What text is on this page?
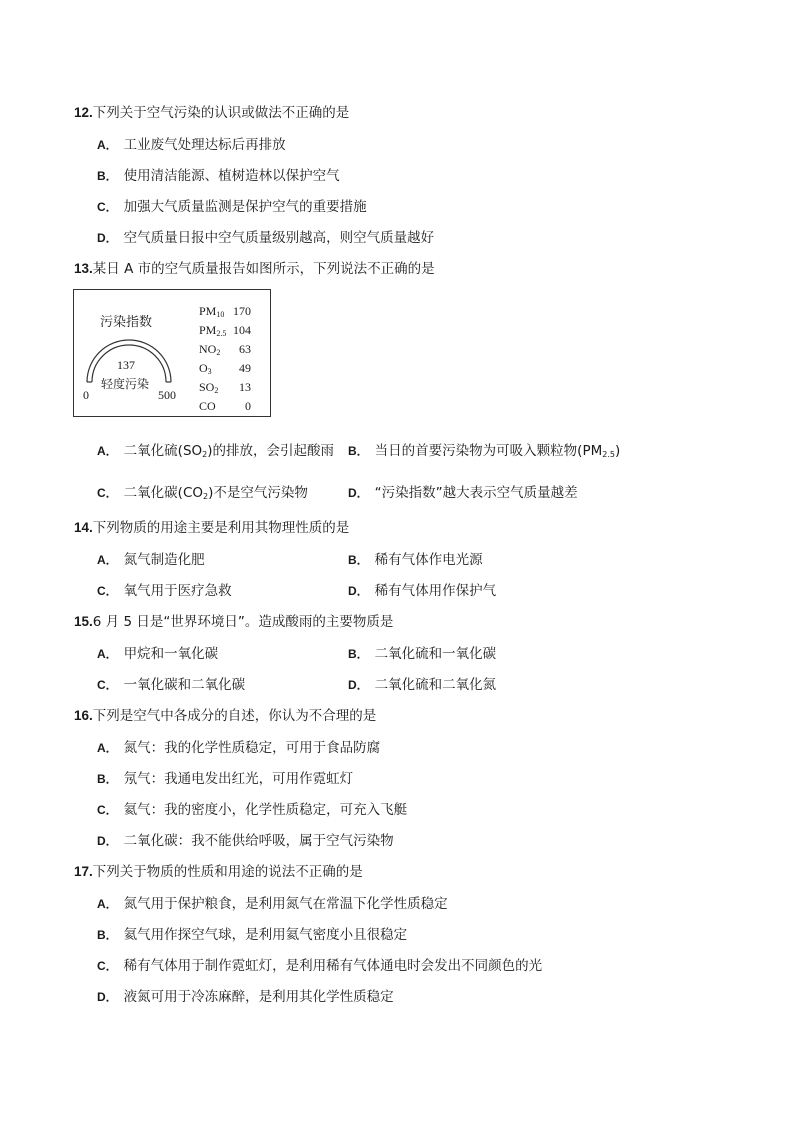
12.下列关于空气污染的认识或做法不正确的是
A． 工业废气处理达标后再排放
B． 使用清洁能源、植树造林以保护空气
C． 加强大气质量监测是保护空气的重要措施
D． 空气质量日报中空气质量级别越高，则空气质量越好
13.某日 A 市的空气质量报告如图所示，下列说法不正确的是
污染指数
137
轻度污染
0	500
$PM_{10}$ 170
$PM_{2.5}$ 104
$NO_2$	63
$O_3$	49
$SO_2$	13
CO	0
A． 二氧化硫$(SO_2)$的排放，会引起酸雨 B． 当日的首要污染物为可吸入颗粒物$(PM_{2.5})$
C． 二氧化碳$(CO_2)$不是空气污染物	D． “污染指数”越大表示空气质量越差
14.下列物质的用途主要是利用其物理性质的是
A． 氮气制造化肥	B． 稀有气体作电光源
C． 氧气用于医疗急救	D． 稀有气体用作保护气
15.6 月 5 日是“世界环境日”。造成酸雨的主要物质是
A． 甲烷和一氧化碳	B． 二氧化硫和一氧化碳
C． 一氧化碳和二氧化碳	D． 二氧化硫和二氧化氮
16.下列是空气中各成分的自述，你认为不合理的是
A． 氮气：我的化学性质稳定，可用于食品防腐
B． 氖气：我通电发出红光，可用作霓虹灯
C． 氦气：我的密度小，化学性质稳定，可充入飞艇
D． 二氧化碳：我不能供给呼吸，属于空气污染物
17.下列关于物质的性质和用途的说法不正确的是
A． 氮气用于保护粮食，是利用氮气在常温下化学性质稳定
B． 氦气用作探空气球，是利用氦气密度小且很稳定
C． 稀有气体用于制作霓虹灯，是利用稀有气体通电时会发出不同颜色的光
D． 液氮可用于冷冻麻醉，是利用其化学性质稳定
